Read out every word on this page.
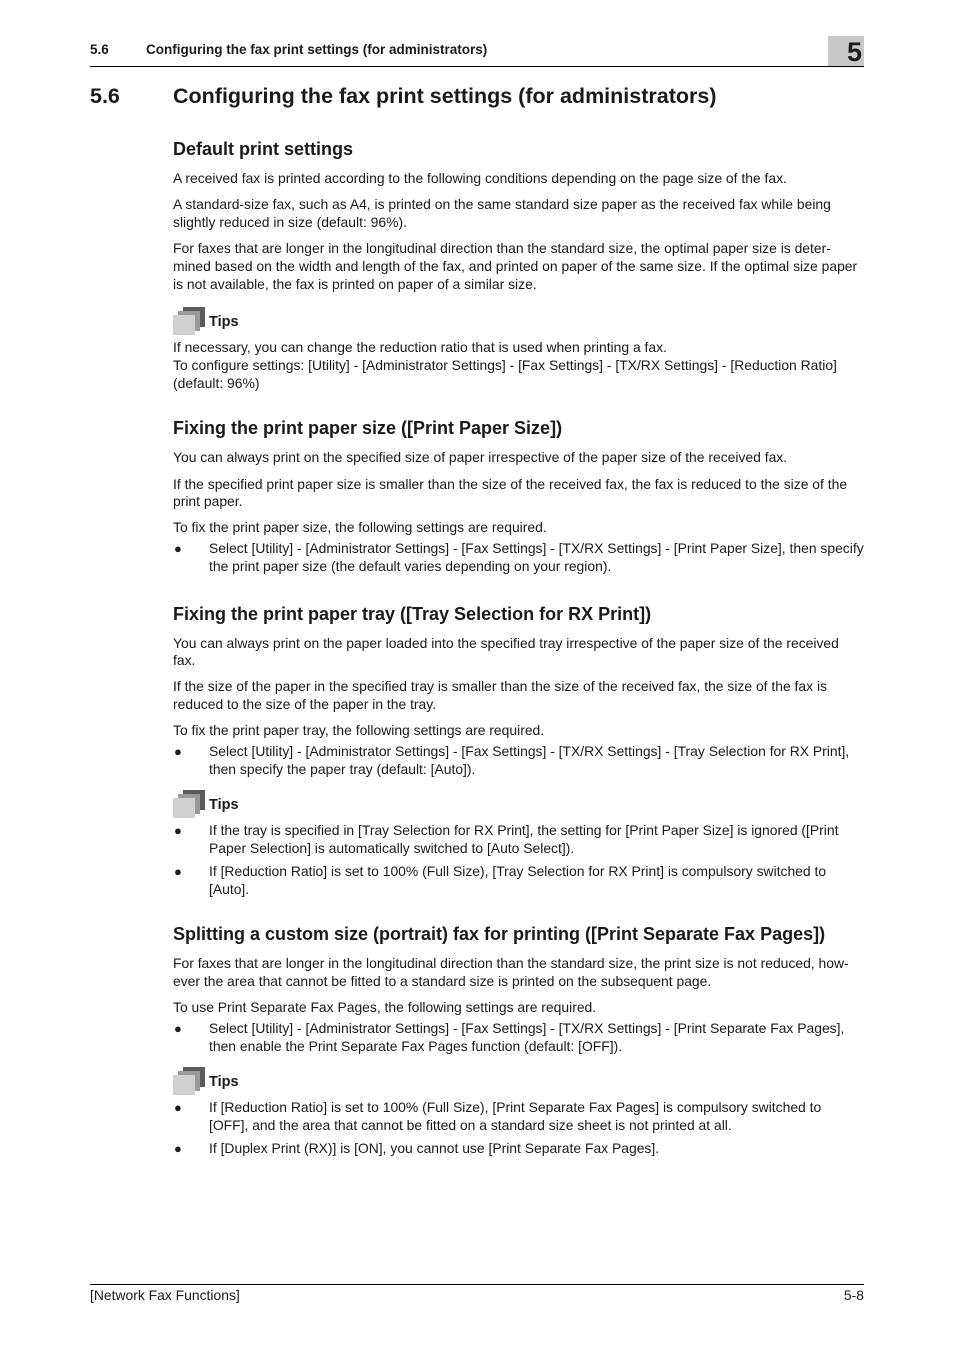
5.6	Configuring the fax print settings (for administrators)	5
5.6 Configuring the fax print settings (for administrators)
Default print settings

A received fax is printed according to the following conditions depending on the page size of the fax.

A standard-size fax, such as A4, is printed on the same standard size paper as the received fax while being slightly reduced in size (default: 96%).

For faxes that are longer in the longitudinal direction than the standard size, the optimal paper size is deter-mined based on the width and length of the fax, and printed on paper of the same size. If the optimal size paper is not available, the fax is printed on paper of a similar size.

Tips

If necessary, you can change the reduction ratio that is used when printing a fax.

To configure settings: [Utility] - [Administrator Settings] - [Fax Settings] - [TX/RX Settings] - [Reduction Ratio] (default: 96%)

Fixing the print paper size ([Print Paper Size])

You can always print on the specified size of paper irrespective of the paper size of the received fax.

If the specified print paper size is smaller than the size of the received fax, the fax is reduced to the size of the print paper.

To fix the print paper size, the following settings are required.

● Select [Utility] - [Administrator Settings] - [Fax Settings] - [TX/RX Settings] - [Print Paper Size], then specify the print paper size (the default varies depending on your region).
Fixing the print paper tray ([Tray Selection for RX Print])

You can always print on the paper loaded into the specified tray irrespective of the paper size of the received fax.

If the size of the paper in the specified tray is smaller than the size of the received fax, the size of the fax is reduced to the size of the paper in the tray.

To fix the print paper tray, the following settings are required.

● Select [Utility] - [Administrator Settings] - [Fax Settings] - [TX/RX Settings] - [Tray Selection for RX Print], then specify the paper tray (default: [Auto]).
Tips
● If the tray is specified in [Tray Selection for RX Print], the setting for [Print Paper Size] is ignored ([Print Paper Selection] is automatically switched to [Auto Select]).
● If [Reduction Ratio] is set to 100% (Full Size), [Tray Selection for RX Print] is compulsory switched to [Auto].
Splitting a custom size (portrait) fax for printing ([Print Separate Fax Pages])

For faxes that are longer in the longitudinal direction than the standard size, the print size is not reduced, how-ever the area that cannot be fitted to a standard size is printed on the subsequent page.

To use Print Separate Fax Pages, the following settings are required.

● Select [Utility] - [Administrator Settings] - [Fax Settings] - [TX/RX Settings] - [Print Separate Fax Pages], then enable the Print Separate Fax Pages function (default: [OFF]).
Tips
● If [Reduction Ratio] is set to 100% (Full Size), [Print Separate Fax Pages] is compulsory switched to [OFF], and the area that cannot be fitted on a standard size sheet is not printed at all.
● If [Duplex Print (RX)] is [ON], you cannot use [Print Separate Fax Pages].
[Network Fax Functions]	5-8
